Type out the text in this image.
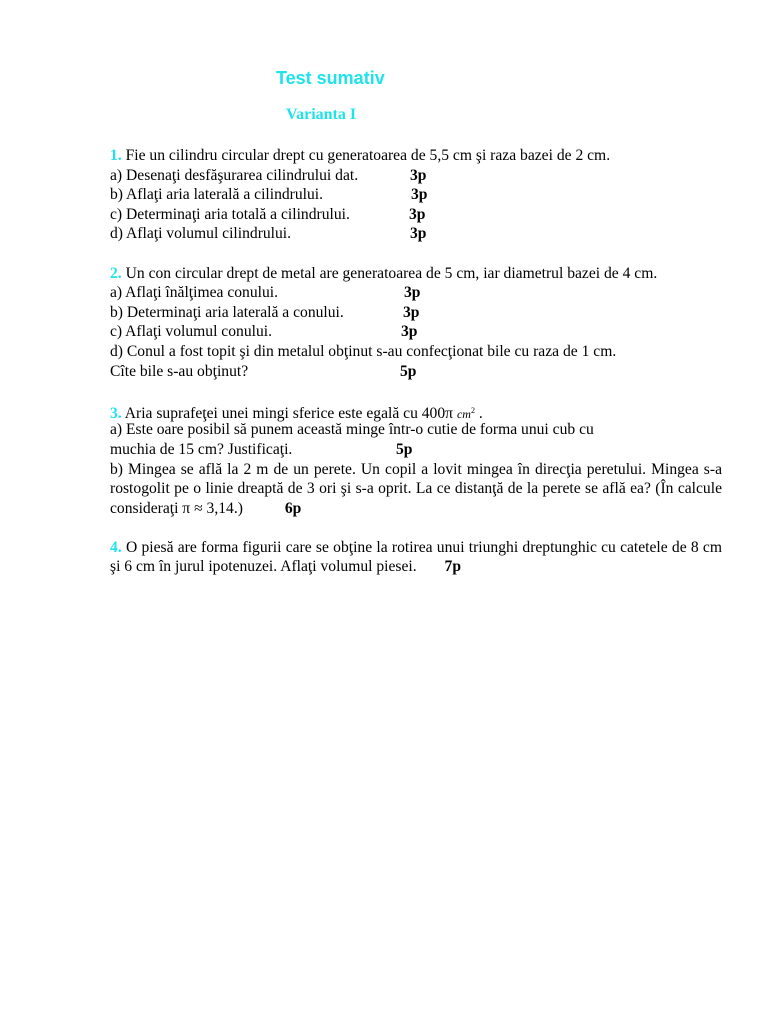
Test sumativ
Varianta I
1. Fie un cilindru circular drept cu generatoarea de 5,5 cm şi raza bazei de 2 cm.
a) Desenaţi desfăşurarea cilindrului dat.	3p
b) Aflaţi aria laterală a cilindrului.	3p
c) Determinaţi aria totală a cilindrului.	3p
d) Aflaţi volumul cilindrului.	3p
2. Un con circular drept de metal are generatoarea de 5 cm, iar diametrul bazei de 4 cm.
a) Aflaţi înălţimea conului.	3p
b) Determinaţi aria laterală a conului.	3p
c) Aflaţi volumul conului.	3p
d) Conul a fost topit şi din metalul obţinut s-au confecţionat bile cu raza de 1 cm.
Cîte bile s-au obţinut?	5p
3. Aria suprafeţei unei mingi sferice este egală cu 400π $cm^2$ .
a) Este oare posibil să punem această minge într-o cutie de forma unui cub cu
muchia de 15 cm? Justificaţi.	5p
b) Mingea se află la 2 m de un perete. Un copil a lovit mingea în direcţia peretului. Mingea s-a rostogolit pe o linie dreaptă de 3 ori şi s-a oprit. La ce distanţă de la perete se află ea? (În calcule consideraţi π ≈ 3,14.)	6p
4. O piesă are forma figurii care se obţine la rotirea unui triunghi dreptunghic cu catetele de 8 cm şi 6 cm în jurul ipotenuzei. Aflaţi volumul piesei. 7p
